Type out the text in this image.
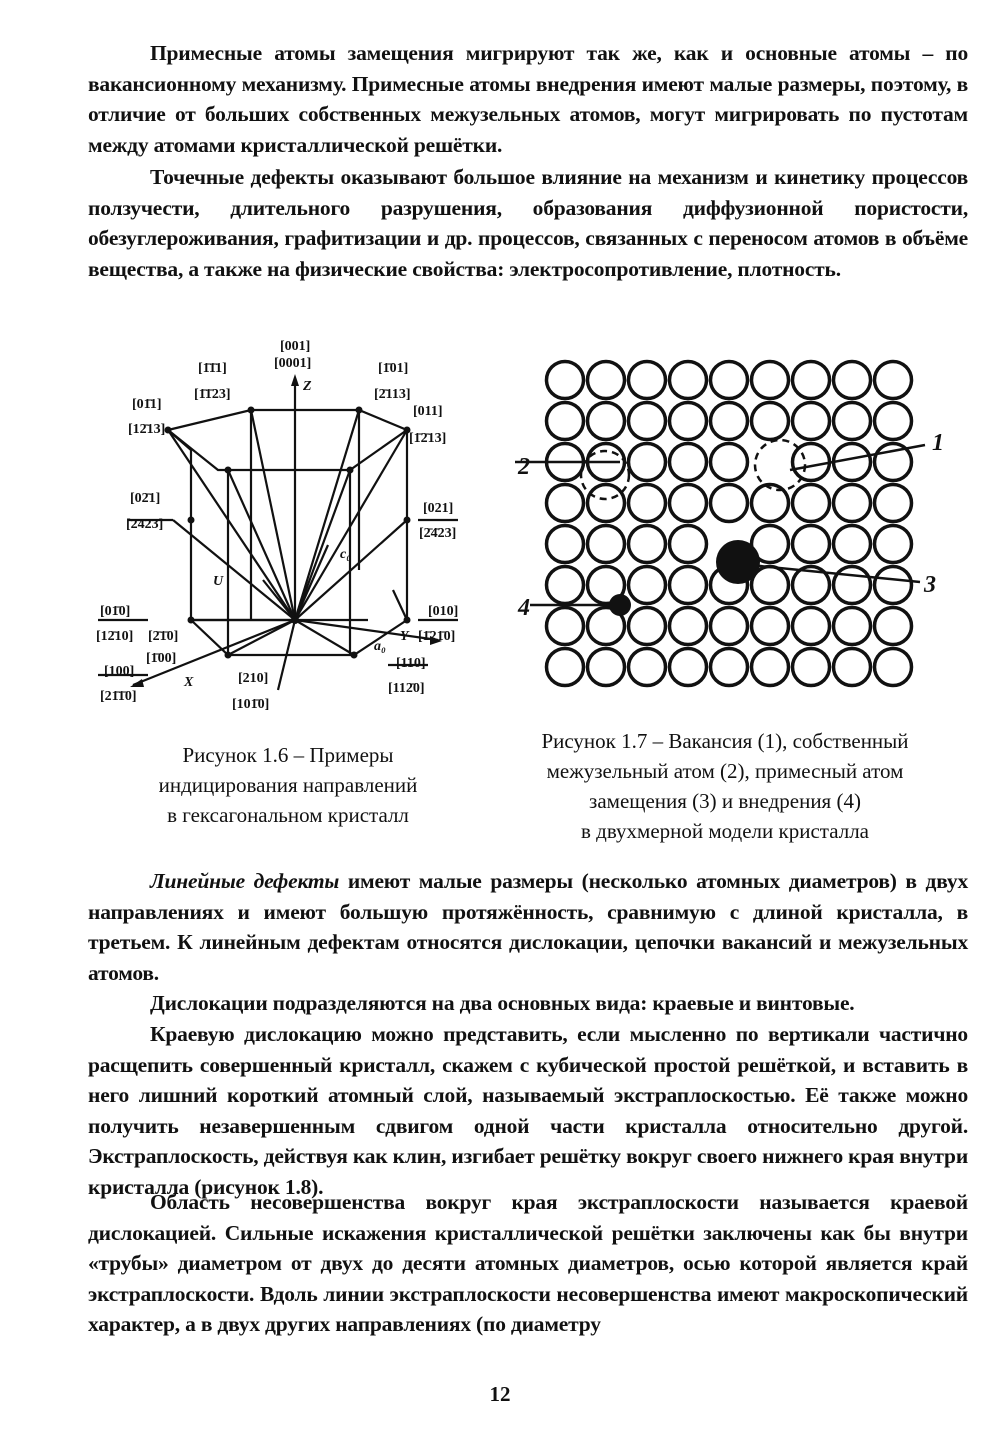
Примесные атомы замещения мигрируют так же, как и основные атомы – по вакансионному механизму. Примесные атомы внедрения имеют малые размеры, поэтому, в отличие от больших собственных межузельных атомов, могут мигрировать по пустотам между атомами кристаллической решётки.
Точечные дефекты оказывают большое влияние на механизм и кинетику процессов ползучести, длительного разрушения, образования диффузионной пористости, обезуглероживания, графитизации и др. процессов, связанных с переносом атомов в объёме вещества, а также на физические свойства: электросопротивление, плотность.
[001]
[0001]
Z
[1̄1̄1]
[1̄1̄23]
[1̄01]
[2̄113]
[01̄1]
[12̄13]
[011]
[1̄2̄13]
[02̄1]
[24̄23]
[021]
[2̄4̄23]
U
c₀
[01̄0]
[12̄10] [2̄1̄0]
[010]
[1̄21̄0]
Y
[1̄00]
[100]
[21̄1̄0]
X	[210]
[101̄0]
a₀
[110]
[112̄0]
1
2
3
4
Рисунок 1.6 – Примеры
индицирования направлений
в гексагональном кристалл
Рисунок 1.7 – Вакансия (1), собственный
межузельный атом (2), примесный атом
замещения (3) и внедрения (4)
в двухмерной модели кристалла
Линейные дефекты имеют малые размеры (несколько атомных диаметров) в двух направлениях и имеют большую протяжённость, сравнимую с длиной кристалла, в третьем. К линейным дефектам относятся дислокации, цепочки вакансий и межузельных атомов.
Дислокации подразделяются на два основных вида: краевые и винтовые.
Краевую дислокацию можно представить, если мысленно по вертикали частично расщепить совершенный кристалл, скажем с кубической простой решёткой, и вставить в него лишний короткий атомный слой, называемый экстраплоскостью. Её также можно получить незавершенным сдвигом одной части кристалла относительно другой. Экстраплоскость, действуя как клин, изгибает решётку вокруг своего нижнего края внутри кристалла (рисунок 1.8).
Область несовершенства вокруг края экстраплоскости называется краевой дислокацией. Сильные искажения кристаллической решётки заключены как бы внутри «трубы» диаметром от двух до десяти атомных диаметров, осью которой является край экстраплоскости. Вдоль линии экстраплоскости несовершенства имеют макроскопический характер, а в двух других направлениях (по диаметру
12
